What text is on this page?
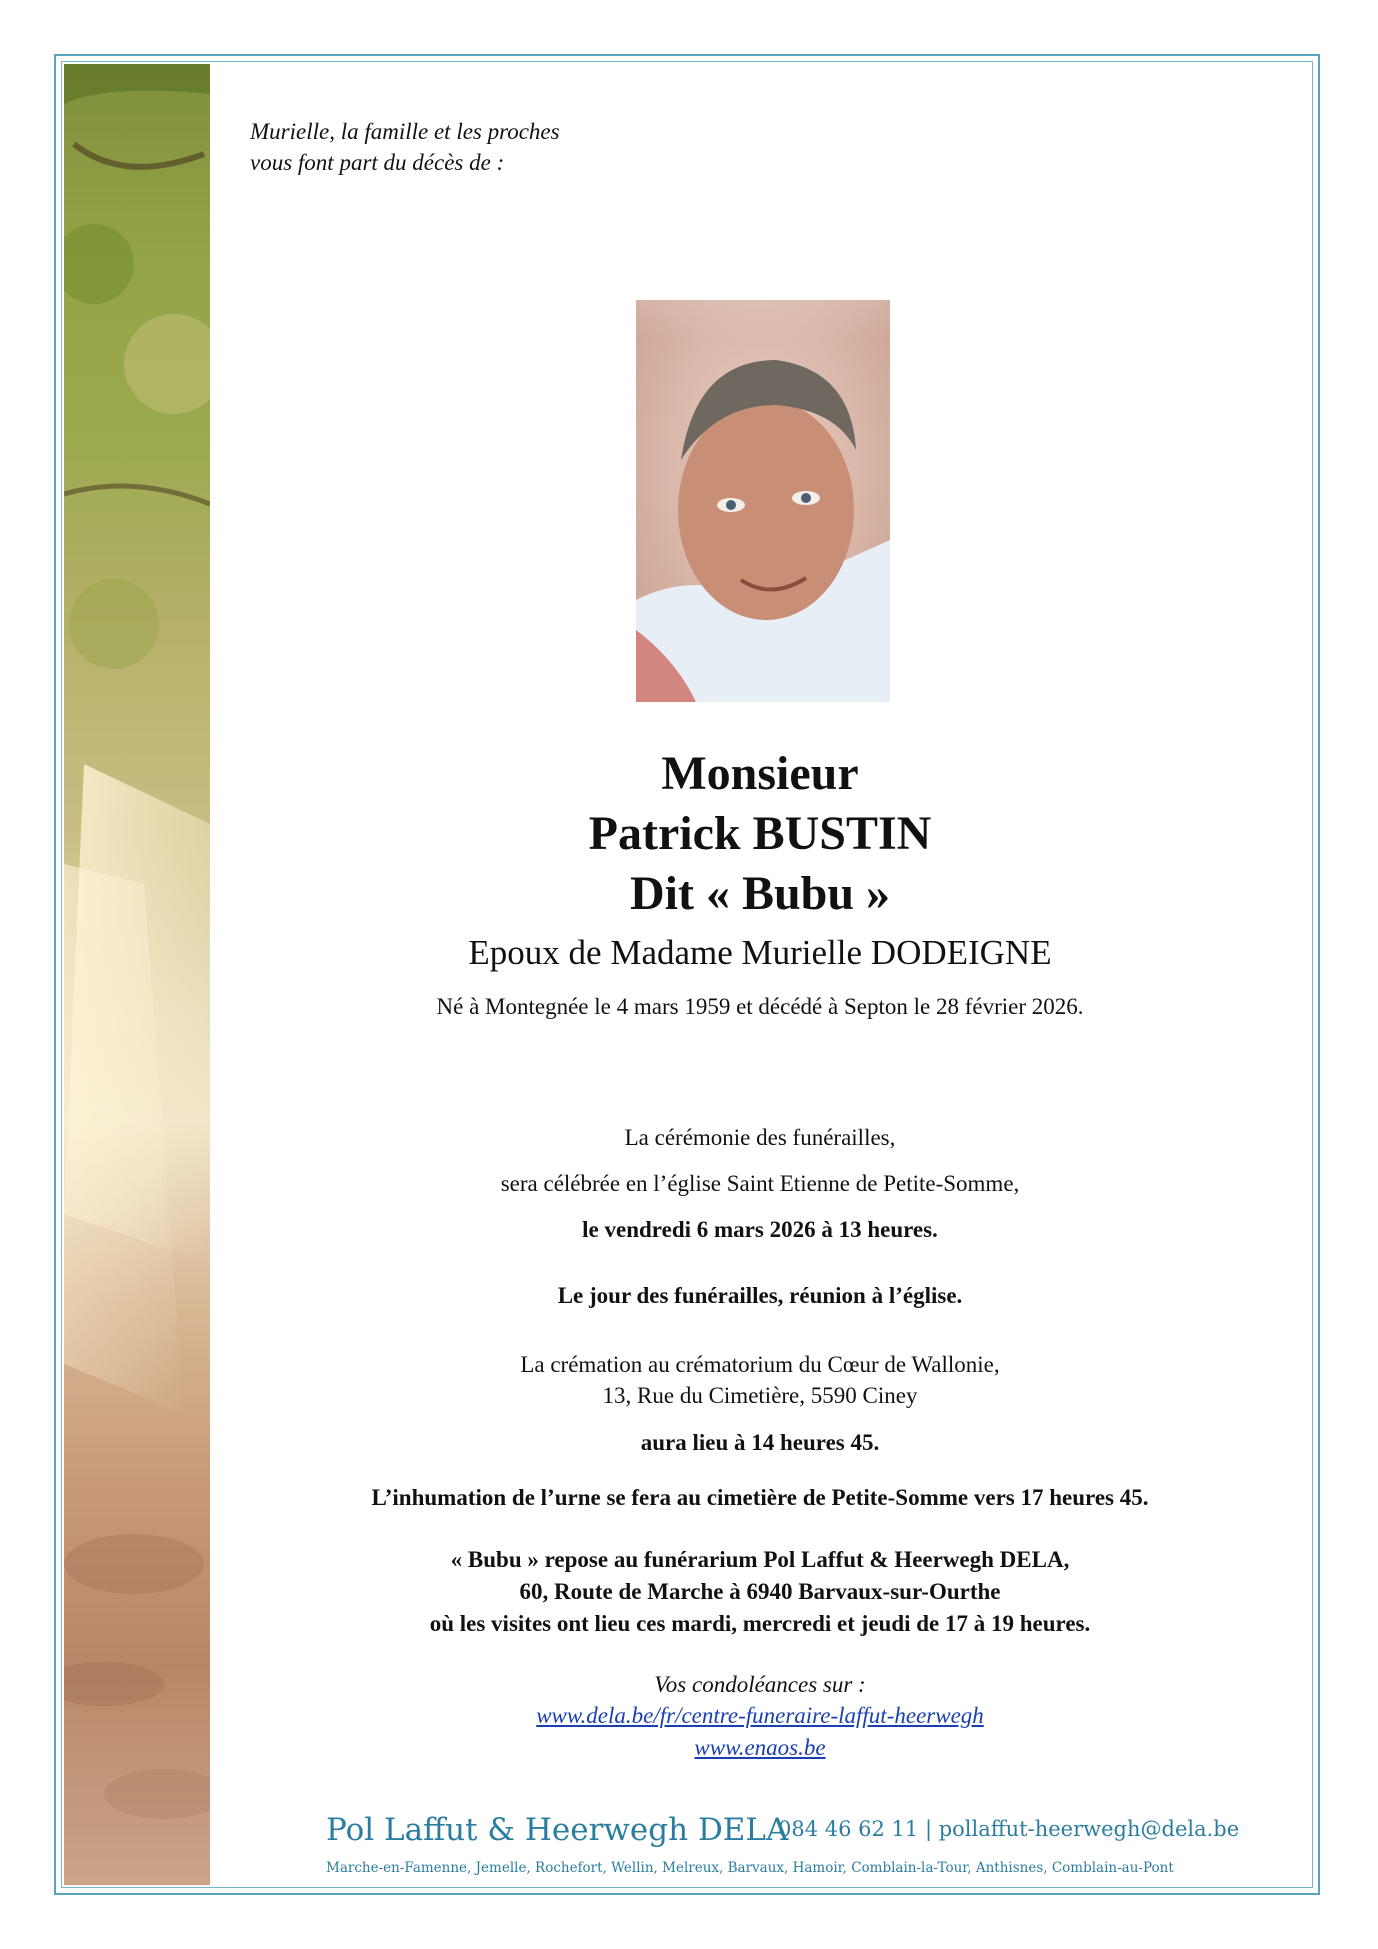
Murielle, la famille et les proches
vous font part du décès de :
Monsieur
Patrick BUSTIN
Dit « Bubu »
Epoux de Madame Murielle DODEIGNE
Né à Montegnée le 4 mars 1959 et décédé à Septon le 28 février 2026.
La cérémonie des funérailles,
sera célébrée en l’église Saint Etienne de Petite-Somme,
le vendredi 6 mars 2026 à 13 heures.
Le jour des funérailles, réunion à l’église.
La crémation au crématorium du Cœur de Wallonie,
13, Rue du Cimetière, 5590 Ciney
aura lieu à 14 heures 45.
L’inhumation de l’urne se fera au cimetière de Petite-Somme vers 17 heures 45.
« Bubu » repose au funérarium Pol Laffut & Heerwegh DELA,
60, Route de Marche à 6940 Barvaux-sur-Ourthe
où les visites ont lieu ces mardi, mercredi et jeudi de 17 à 19 heures.
Vos condoléances sur :
www.dela.be/fr/centre-funeraire-laffut-heerwegh
www.enaos.be
Pol Laffut & Heerwegh DELA
084 46 62 11 | pollaffut-heerwegh@dela.be
Marche-en-Famenne, Jemelle, Rochefort, Wellin, Melreux, Barvaux, Hamoir, Comblain-la-Tour, Anthisnes, Comblain-au-Pont
